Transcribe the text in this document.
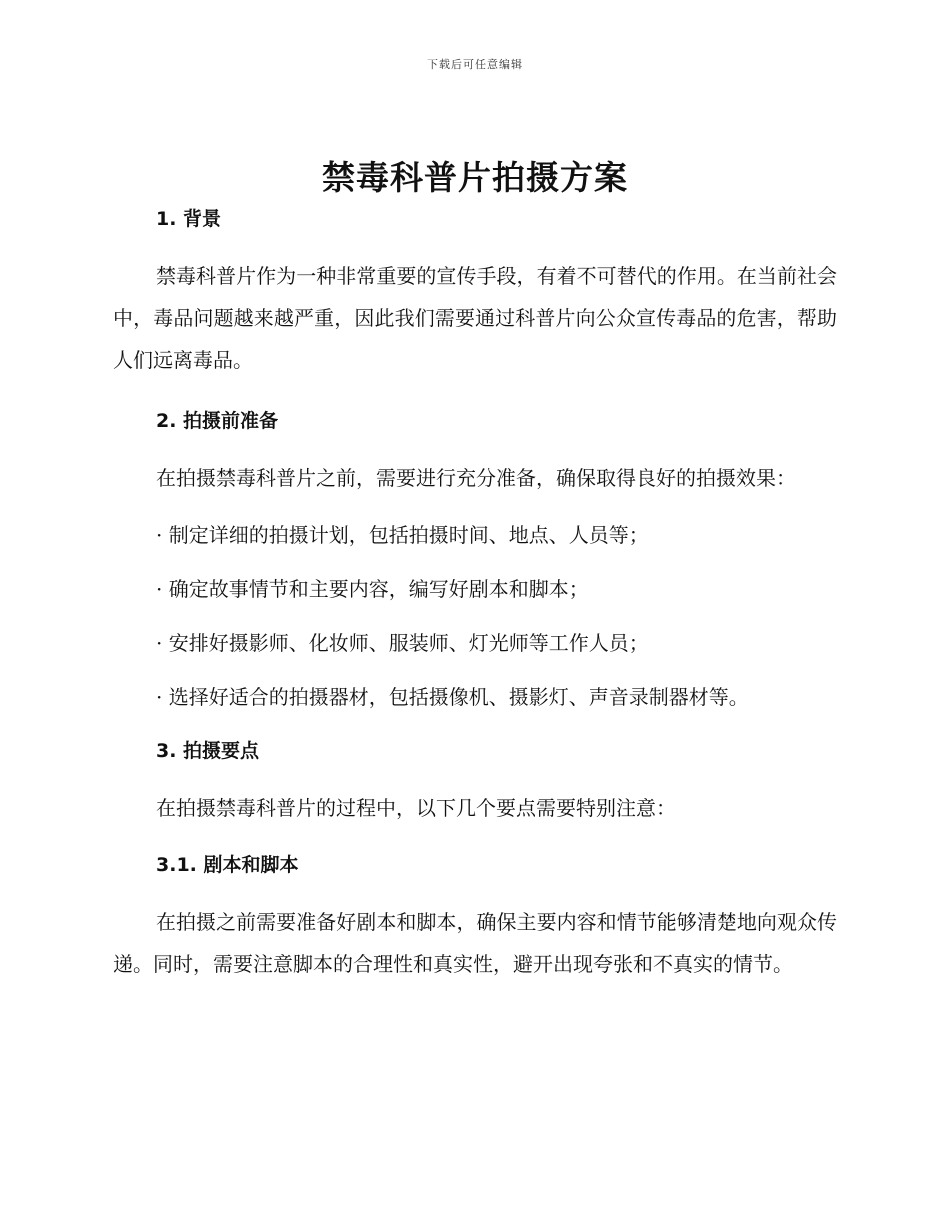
下载后可任意编辑
禁毒科普片拍摄方案
1. 背景

禁毒科普片作为一种非常重要的宣传手段，有着不可替代的作用。在当前社会中，毒品问题越来越严重，因此我们需要通过科普片向公众宣传毒品的危害，帮助人们远离毒品。

2. 拍摄前准备

在拍摄禁毒科普片之前，需要进行充分准备，确保取得良好的拍摄效果：

· 制定详细的拍摄计划，包括拍摄时间、地点、人员等；

· 确定故事情节和主要内容，编写好剧本和脚本；

· 安排好摄影师、化妆师、服装师、灯光师等工作人员；

· 选择好适合的拍摄器材，包括摄像机、摄影灯、声音录制器材等。

3. 拍摄要点

在拍摄禁毒科普片的过程中，以下几个要点需要特别注意：

3.1. 剧本和脚本

在拍摄之前需要准备好剧本和脚本，确保主要内容和情节能够清楚地向观众传递。同时，需要注意脚本的合理性和真实性，避开出现夸张和不真实的情节。
